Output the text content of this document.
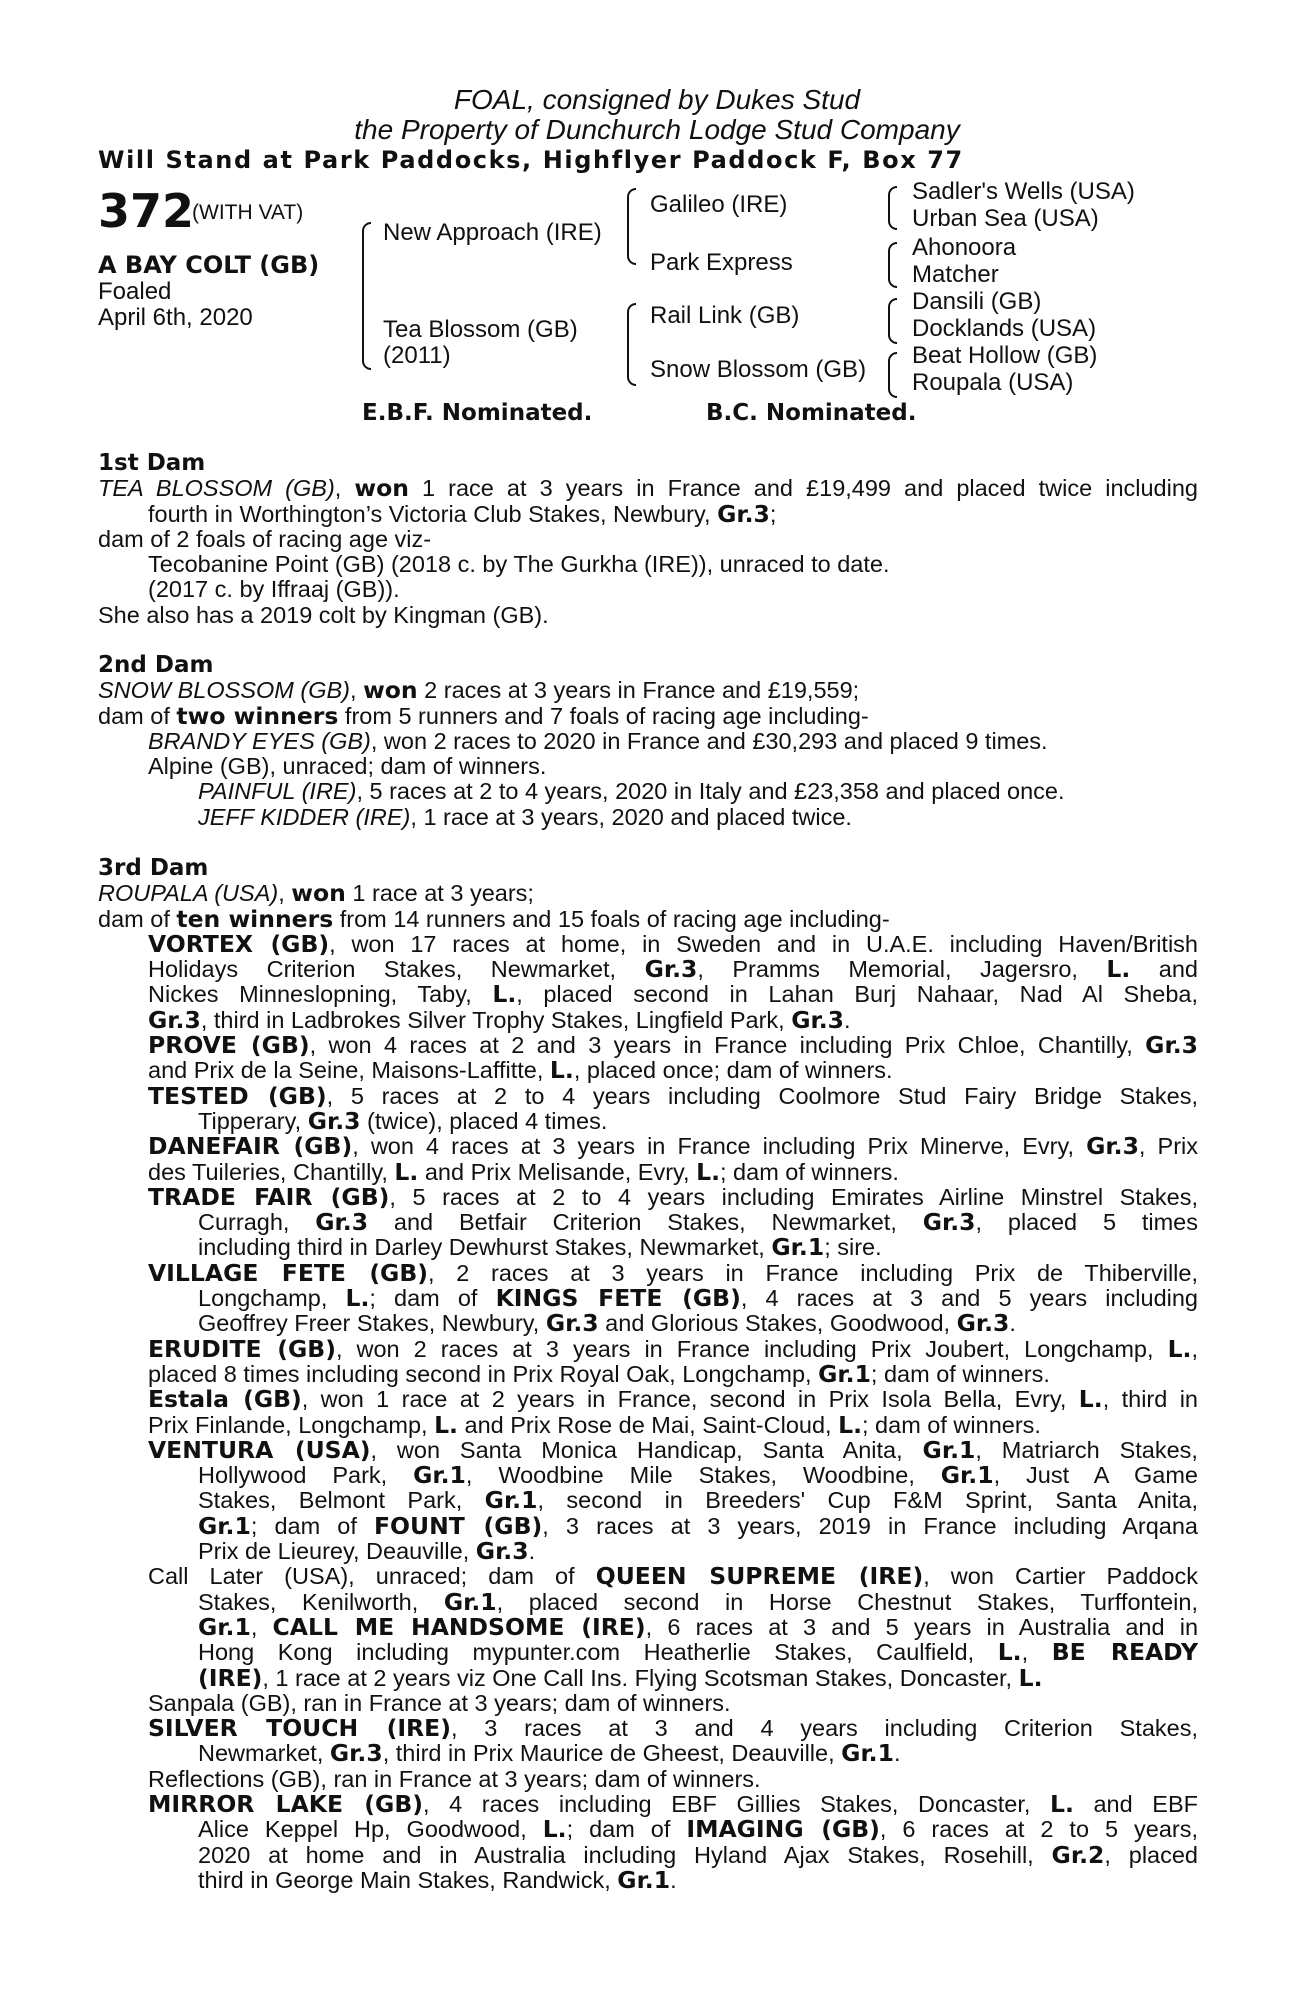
FOAL, consigned by Dukes Stud
the Property of Dunchurch Lodge Stud Company
Will Stand at Park Paddocks, Highflyer Paddock F, Box 77
372
(WITH VAT)
A BAY COLT (GB)
Foaled
April 6th, 2020
New Approach (IRE)
Tea Blossom (GB)
(2011)
Galileo (IRE)
Park Express
Rail Link (GB)
Snow Blossom (GB)
Sadler's Wells (USA)
Urban Sea (USA)
Ahonoora
Matcher
Dansili (GB)
Docklands (USA)
Beat Hollow (GB)
Roupala (USA)
E.B.F. Nominated.	B.C. Nominated.
1st Dam
TEA BLOSSOM (GB), won 1 race at 3 years in France and £19,499 and placed twice including
fourth in Worthington’s Victoria Club Stakes, Newbury, Gr.3;
dam of 2 foals of racing age viz-
Tecobanine Point (GB) (2018 c. by The Gurkha (IRE)), unraced to date.
(2017 c. by Iffraaj (GB)).
She also has a 2019 colt by Kingman (GB).
2nd Dam
SNOW BLOSSOM (GB), won 2 races at 3 years in France and £19,559;
dam of two winners from 5 runners and 7 foals of racing age including-
BRANDY EYES (GB), won 2 races to 2020 in France and £30,293 and placed 9 times.
Alpine (GB), unraced; dam of winners.
PAINFUL (IRE), 5 races at 2 to 4 years, 2020 in Italy and £23,358 and placed once.
JEFF KIDDER (IRE), 1 race at 3 years, 2020 and placed twice.
3rd Dam
ROUPALA (USA), won 1 race at 3 years;
dam of ten winners from 14 runners and 15 foals of racing age including-
VORTEX (GB), won 17 races at home, in Sweden and in U.A.E. including Haven/British
Holidays Criterion Stakes, Newmarket, Gr.3, Pramms Memorial, Jagersro, L. and
Nickes Minneslopning, Taby, L., placed second in Lahan Burj Nahaar, Nad Al Sheba,
Gr.3, third in Ladbrokes Silver Trophy Stakes, Lingfield Park, Gr.3.
PROVE (GB), won 4 races at 2 and 3 years in France including Prix Chloe, Chantilly, Gr.3
and Prix de la Seine, Maisons-Laffitte, L., placed once; dam of winners.
TESTED (GB), 5 races at 2 to 4 years including Coolmore Stud Fairy Bridge Stakes,
Tipperary, Gr.3 (twice), placed 4 times.
DANEFAIR (GB), won 4 races at 3 years in France including Prix Minerve, Evry, Gr.3, Prix
des Tuileries, Chantilly, L. and Prix Melisande, Evry, L.; dam of winners.
TRADE FAIR (GB), 5 races at 2 to 4 years including Emirates Airline Minstrel Stakes,
Curragh, Gr.3 and Betfair Criterion Stakes, Newmarket, Gr.3, placed 5 times
including third in Darley Dewhurst Stakes, Newmarket, Gr.1; sire.
VILLAGE FETE (GB), 2 races at 3 years in France including Prix de Thiberville,
Longchamp, L.; dam of KINGS FETE (GB), 4 races at 3 and 5 years including
Geoffrey Freer Stakes, Newbury, Gr.3 and Glorious Stakes, Goodwood, Gr.3.
ERUDITE (GB), won 2 races at 3 years in France including Prix Joubert, Longchamp, L.,
placed 8 times including second in Prix Royal Oak, Longchamp, Gr.1; dam of winners.
Estala (GB), won 1 race at 2 years in France, second in Prix Isola Bella, Evry, L., third in
Prix Finlande, Longchamp, L. and Prix Rose de Mai, Saint-Cloud, L.; dam of winners.
VENTURA (USA), won Santa Monica Handicap, Santa Anita, Gr.1, Matriarch Stakes,
Hollywood Park, Gr.1, Woodbine Mile Stakes, Woodbine, Gr.1, Just A Game
Stakes, Belmont Park, Gr.1, second in Breeders' Cup F&M Sprint, Santa Anita,
Gr.1; dam of FOUNT (GB), 3 races at 3 years, 2019 in France including Arqana
Prix de Lieurey, Deauville, Gr.3.
Call Later (USA), unraced; dam of QUEEN SUPREME (IRE), won Cartier Paddock
Stakes, Kenilworth, Gr.1, placed second in Horse Chestnut Stakes, Turffontein,
Gr.1, CALL ME HANDSOME (IRE), 6 races at 3 and 5 years in Australia and in
Hong Kong including mypunter.com Heatherlie Stakes, Caulfield, L., BE READY
(IRE), 1 race at 2 years viz One Call Ins. Flying Scotsman Stakes, Doncaster, L.
Sanpala (GB), ran in France at 3 years; dam of winners.
SILVER TOUCH (IRE), 3 races at 3 and 4 years including Criterion Stakes,
Newmarket, Gr.3, third in Prix Maurice de Gheest, Deauville, Gr.1.
Reflections (GB), ran in France at 3 years; dam of winners.
MIRROR LAKE (GB), 4 races including EBF Gillies Stakes, Doncaster, L. and EBF
Alice Keppel Hp, Goodwood, L.; dam of IMAGING (GB), 6 races at 2 to 5 years,
2020 at home and in Australia including Hyland Ajax Stakes, Rosehill, Gr.2, placed
third in George Main Stakes, Randwick, Gr.1.
